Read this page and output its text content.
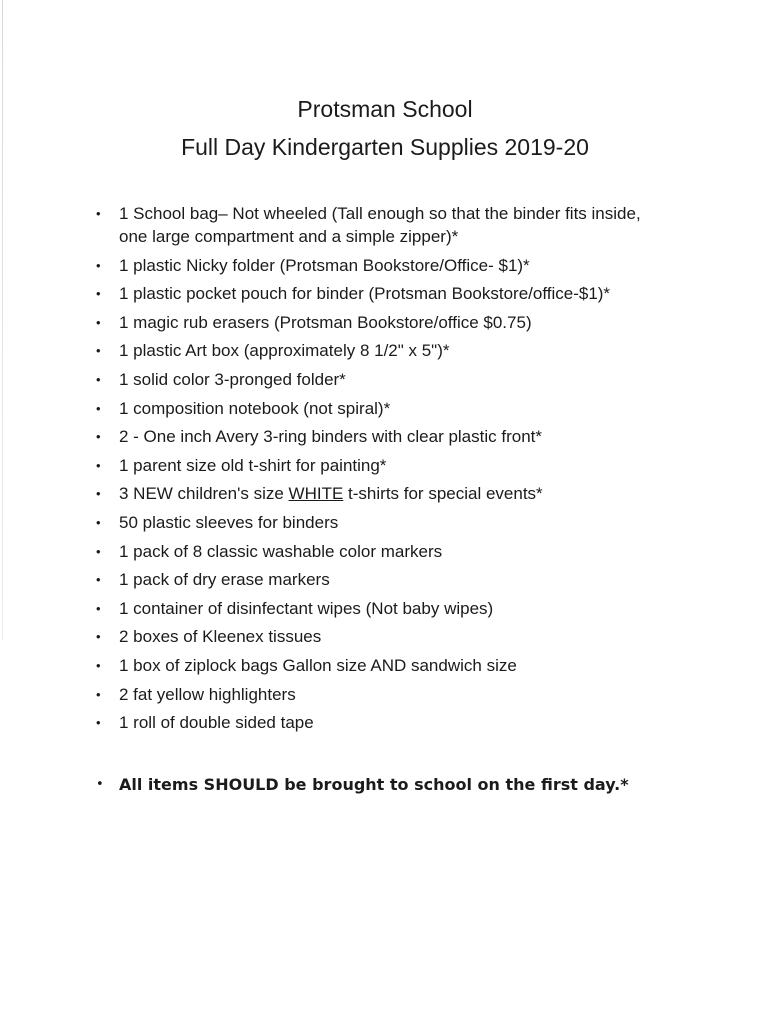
Protsman School

Full Day Kindergarten Supplies 2019-20

• 1 School bag– Not wheeled (Tall enough so that the binder fits inside, one large compartment and a simple zipper)*
• 1 plastic Nicky folder (Protsman Bookstore/Office- $1)*
• 1 plastic pocket pouch for binder (Protsman Bookstore/office-$1)*
• 1 magic rub erasers (Protsman Bookstore/office $0.75)
• 1 plastic Art box (approximately 8 1/2" x 5")*
• 1 solid color 3-pronged folder*
• 1 composition notebook (not spiral)*
• 2 - One inch Avery 3-ring binders with clear plastic front*
• 1 parent size old t-shirt for painting*
• 3 NEW children's size WHITE t-shirts for special events*
• 50 plastic sleeves for binders
• 1 pack of 8 classic washable color markers
• 1 pack of dry erase markers
• 1 container of disinfectant wipes (Not baby wipes)
• 2 boxes of Kleenex tissues
• 1 box of ziplock bags Gallon size AND sandwich size
• 2 fat yellow highlighters
• 1 roll of double sided tape
• All items SHOULD be brought to school on the first day.*
